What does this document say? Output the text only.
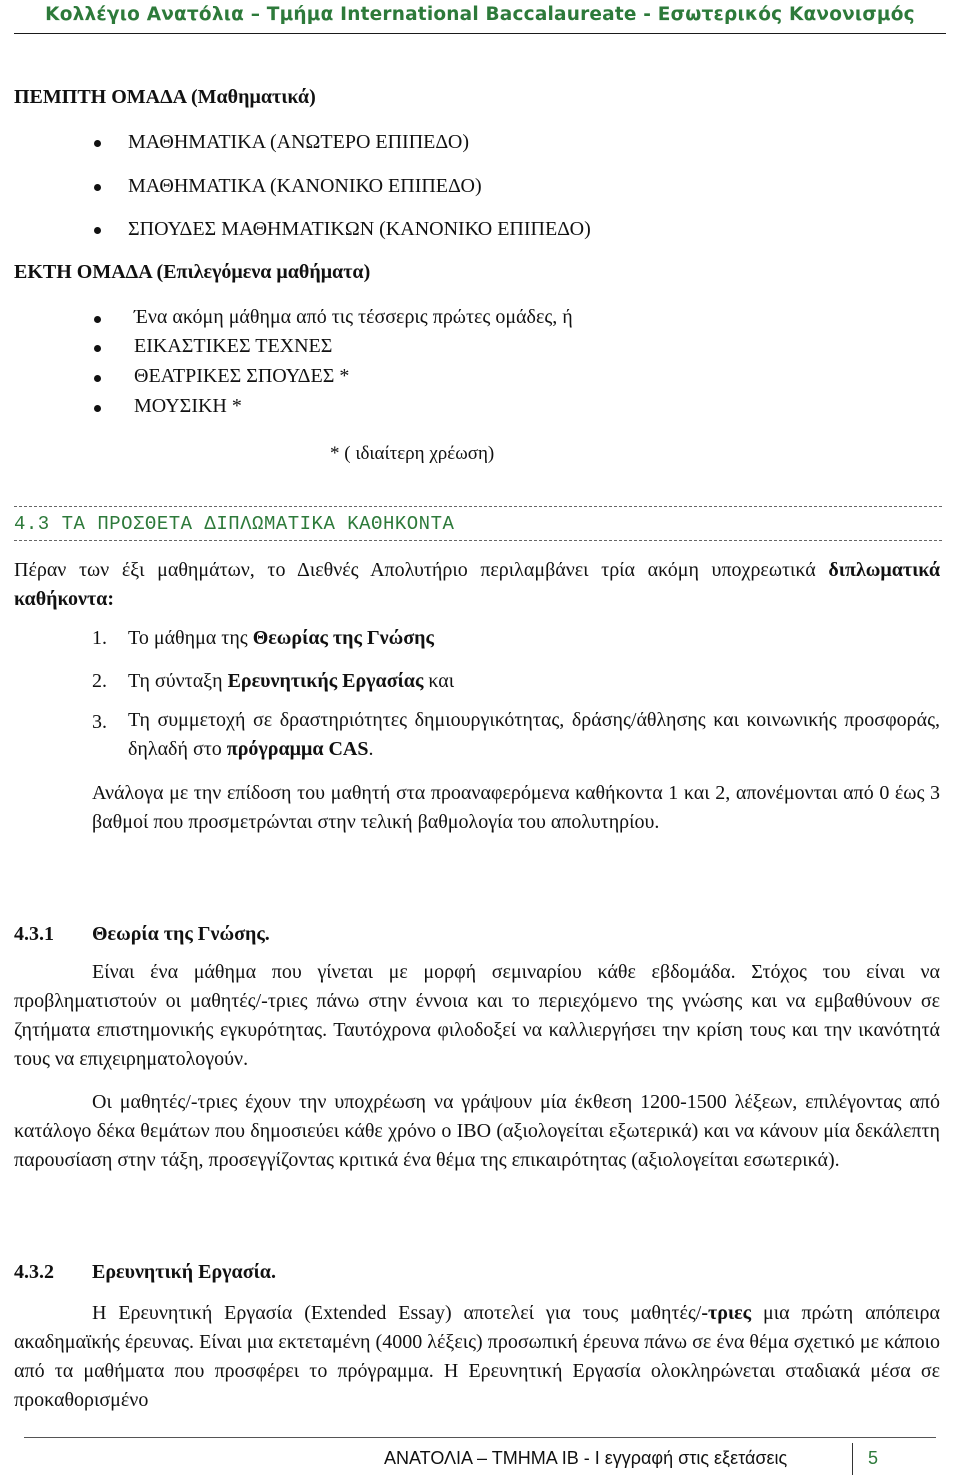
Κολλέγιο Ανατόλια – Τμήμα International Baccalaureate - Εσωτερικός Κανονισμός
ΠΕΜΠΤΗ ΟΜΑΔΑ (Μαθηματικά)
ΜΑΘΗΜΑΤΙΚΑ (ΑΝΩΤΕΡΟ ΕΠΙΠΕΔΟ)
ΜΑΘΗΜΑΤΙΚΑ (ΚΑΝΟΝΙΚΟ ΕΠΙΠΕΔΟ)
ΣΠΟΥΔΕΣ ΜΑΘΗΜΑΤΙΚΩΝ (ΚΑΝΟΝΙΚΟ ΕΠΙΠΕΔΟ)
ΕΚΤΗ ΟΜΑΔΑ (Επιλεγόμενα μαθήματα)
Ένα ακόμη μάθημα από τις τέσσερις πρώτες ομάδες, ή
ΕΙΚΑΣΤΙΚΕΣ ΤΕΧΝΕΣ
ΘΕΑΤΡΙΚΕΣ ΣΠΟΥΔΕΣ *
ΜΟΥΣΙΚΗ *
* ( ιδιαίτερη χρέωση)
4.3 ΤΑ ΠΡΟΣΘΕΤΑ ΔΙΠΛΩΜΑΤΙΚΑ ΚΑΘΗΚΟΝΤΑ
Πέραν των έξι μαθημάτων, το Διεθνές Απολυτήριο περιλαμβάνει τρία ακόμη υποχρεωτικά διπλωματικά καθήκοντα:
1. Το μάθημα της Θεωρίας της Γνώσης
2. Τη σύνταξη Ερευνητικής Εργασίας και
3. Τη συμμετοχή σε δραστηριότητες δημιουργικότητας, δράσης/άθλησης και κοινωνικής προσφοράς, δηλαδή στο πρόγραμμα CAS.
Ανάλογα με την επίδοση του μαθητή στα προαναφερόμενα καθήκοντα 1 και 2, απονέμονται από 0 έως 3 βαθμοί που προσμετρώνται στην τελική βαθμολογία του απολυτηρίου.
4.3.1 Θεωρία της Γνώσης.
Είναι ένα μάθημα που γίνεται με μορφή σεμιναρίου κάθε εβδομάδα. Στόχος του είναι να προβληματιστούν οι μαθητές/-τριες πάνω στην έννοια και το περιεχόμενο της γνώσης και να εμβαθύνουν σε ζητήματα επιστημονικής εγκυρότητας. Ταυτόχρονα φιλοδοξεί να καλλιεργήσει την κρίση τους και την ικανότητά τους να επιχειρηματολογούν.
Οι μαθητές/-τριες έχουν την υποχρέωση να γράψουν μία έκθεση 1200-1500 λέξεων, επιλέγοντας από κατάλογο δέκα θεμάτων που δημοσιεύει κάθε χρόνο ο IBO (αξιολογείται εξωτερικά) και να κάνουν μία δεκάλεπτη παρουσίαση στην τάξη, προσεγγίζοντας κριτικά ένα θέμα της επικαιρότητας (αξιολογείται εσωτερικά).
4.3.2 Ερευνητική Εργασία.
Η Ερευνητική Εργασία (Extended Essay) αποτελεί για τους μαθητές/-τριες μια πρώτη απόπειρα ακαδημαϊκής έρευνας. Είναι μια εκτεταμένη (4000 λέξεις) προσωπική έρευνα πάνω σε ένα θέμα σχετικό με κάποιο από τα μαθήματα που προσφέρει το πρόγραμμα. Η Ερευνητική Εργασία ολοκληρώνεται σταδιακά μέσα σε προκαθορισμένο
ΑΝΑΤΟΛΙΑ – ΤΜΗΜΑ ΙΒ - Ι εγγραφή στις εξετάσεις	5
